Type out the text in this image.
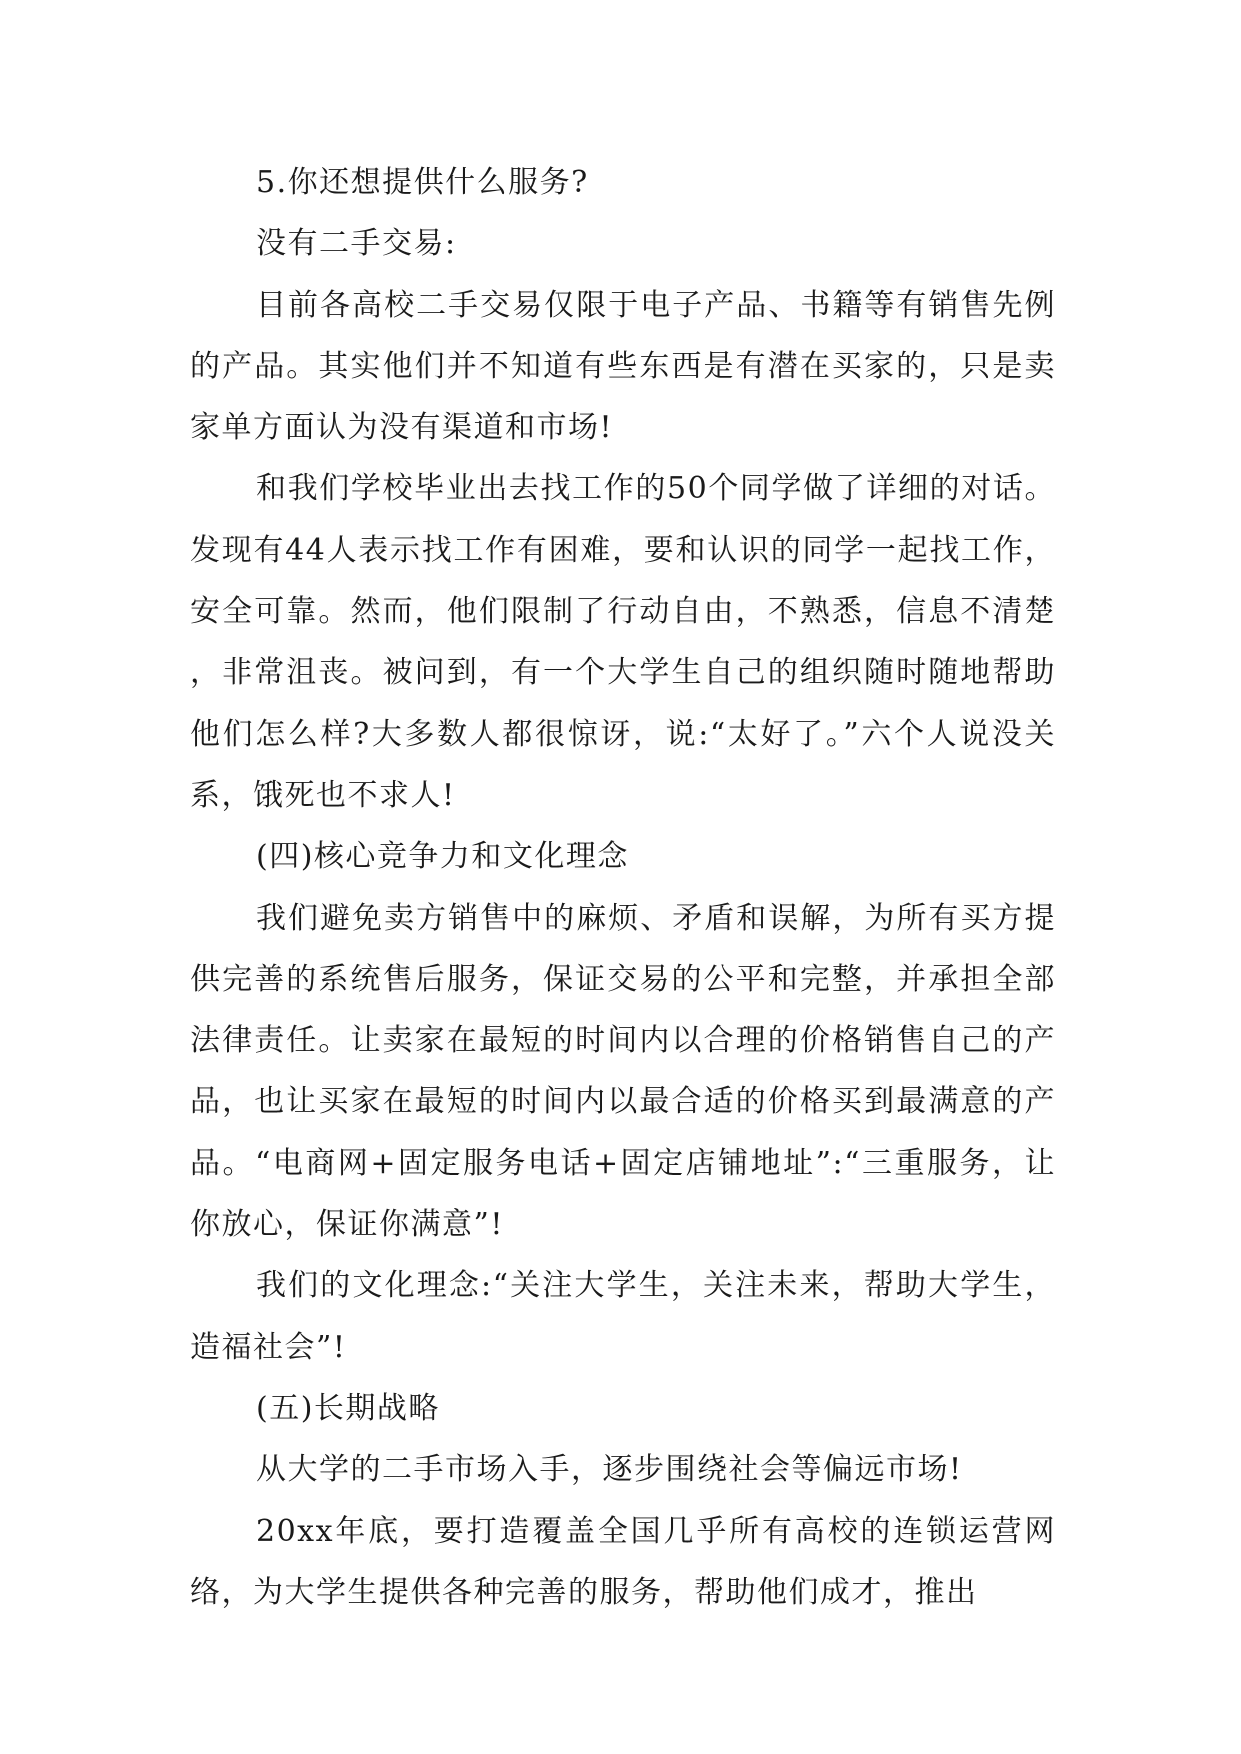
5.你还想提供什么服务?

没有二手交易:

目前各高校二手交易仅限于电子产品、书籍等有销售先例的产品。其实他们并不知道有些东西是有潜在买家的，只是卖家单方面认为没有渠道和市场!

和我们学校毕业出去找工作的50个同学做了详细的对话。发现有44人表示找工作有困难，要和认识的同学一起找工作，安全可靠。然而，他们限制了行动自由，不熟悉，信息不清楚，非常沮丧。被问到，有一个大学生自己的组织随时随地帮助他们怎么样?大多数人都很惊讶，说:“太好了。”六个人说没关系，饿死也不求人!

(四)核心竞争力和文化理念

我们避免卖方销售中的麻烦、矛盾和误解，为所有买方提供完善的系统售后服务，保证交易的公平和完整，并承担全部法律责任。让卖家在最短的时间内以合理的价格销售自己的产品，也让买家在最短的时间内以最合适的价格买到最满意的产品。“电商网+固定服务电话+固定店铺地址”:“三重服务，让你放心，保证你满意”!

我们的文化理念:“关注大学生，关注未来，帮助大学生，造福社会”!

(五)长期战略

从大学的二手市场入手，逐步围绕社会等偏远市场!

20xx年底，要打造覆盖全国几乎所有高校的连锁运营网络，为大学生提供各种完善的服务，帮助他们成才，推出
